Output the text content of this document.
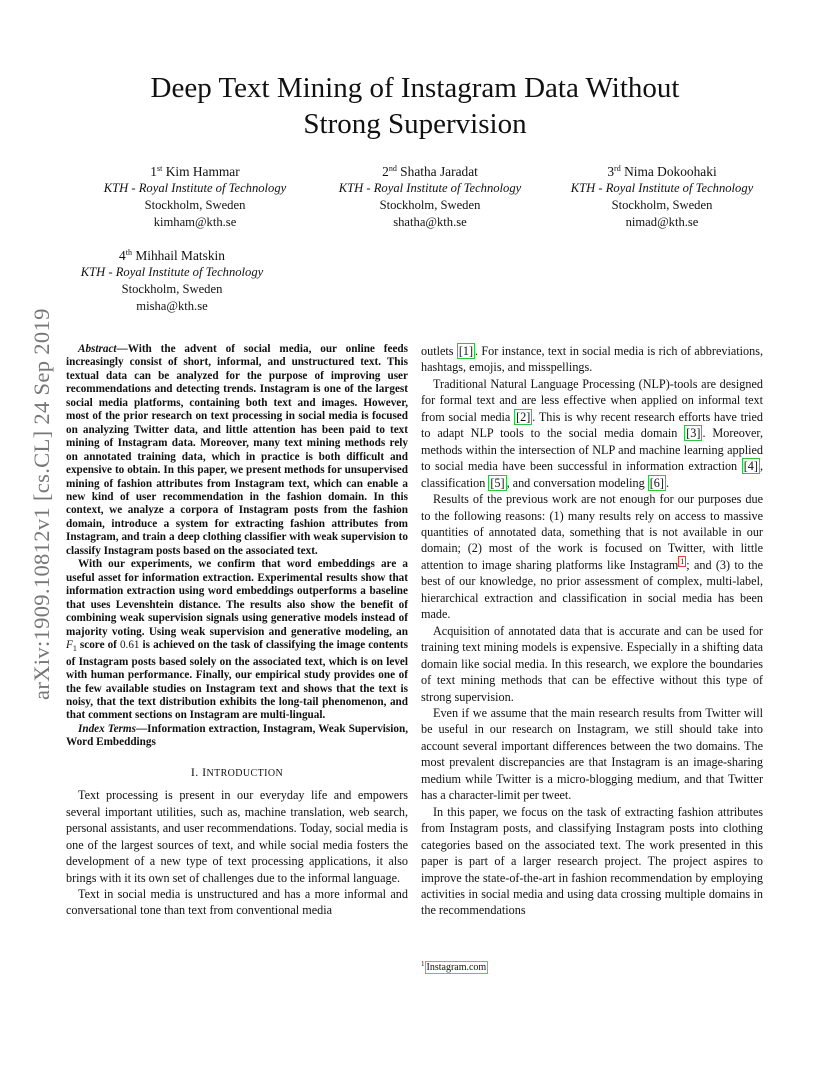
arXiv:1909.10812v1 [cs.CL] 24 Sep 2019
Deep Text Mining of Instagram Data Without
Strong Supervision
1st Kim Hammar
KTH - Royal Institute of Technology
Stockholm, Sweden
kimham@kth.se
2nd Shatha Jaradat
KTH - Royal Institute of Technology
Stockholm, Sweden
shatha@kth.se
3rd Nima Dokoohaki
KTH - Royal Institute of Technology
Stockholm, Sweden
nimad@kth.se
4th Mihhail Matskin
KTH - Royal Institute of Technology
Stockholm, Sweden
misha@kth.se

Abstract—With the advent of social media, our online feeds increasingly consist of short, informal, and unstructured text. This textual data can be analyzed for the purpose of improving user recommendations and detecting trends. Instagram is one of the largest social media platforms, containing both text and images. However, most of the prior research on text processing in social media is focused on analyzing Twitter data, and little attention has been paid to text mining of Instagram data. Moreover, many text mining methods rely on annotated training data, which in practice is both difficult and expensive to obtain. In this paper, we present methods for unsupervised mining of fashion attributes from Instagram text, which can enable a new kind of user recommendation in the fashion domain. In this context, we analyze a corpora of Instagram posts from the fashion domain, introduce a system for extracting fashion attributes from Instagram, and train a deep clothing classifier with weak supervision to classify Instagram posts based on the associated text.

With our experiments, we confirm that word embeddings are a useful asset for information extraction. Experimental results show that information extraction using word embeddings outperforms a baseline that uses Levenshtein distance. The results also show the benefit of combining weak supervision signals using generative models instead of majority voting. Using weak supervision and generative modeling, an $F_1$ score of 0.61 is achieved on the task of classifying the image contents of Instagram posts based solely on the associated text, which is on level with human performance. Finally, our empirical study provides one of the few available studies on Instagram text and shows that the text is noisy, that the text distribution exhibits the long-tail phenomenon, and that comment sections on Instagram are multi-lingual.

Index Terms—Information extraction, Instagram, Weak Supervision, Word Embeddings

I. INTRODUCTION

Text processing is present in our everyday life and empowers several important utilities, such as, machine translation, web search, personal assistants, and user recommendations. Today, social media is one of the largest sources of text, and while social media fosters the development of a new type of text processing applications, it also brings with it its own set of challenges due to the informal language.

Text in social media is unstructured and has a more informal and conversational tone than text from conventional media

outlets [1] . For instance, text in social media is rich of abbreviations, hashtags, emojis, and misspellings.

Traditional Natural Language Processing (NLP)-tools are designed for formal text and are less effective when applied on informal text from social media [2] . This is why recent research efforts have tried to adapt NLP tools to the social media domain [3] . Moreover, methods within the intersection of NLP and machine learning applied to social media have been successful in information extraction [4] , classification [5] , and conversation modeling [6] .

Results of the previous work are not enough for our purposes due to the following reasons: (1) many results rely on access to massive quantities of annotated data, something that is not available in our domain; (2) most of the work is focused on Twitter, with little attention to image sharing platforms like Instagram $^1$ ; and (3) to the best of our knowledge, no prior assessment of complex, multi-label, hierarchical extraction and classification in social media has been made.

Acquisition of annotated data that is accurate and can be used for training text mining models is expensive. Especially in a shifting data domain like social media. In this research, we explore the boundaries of text mining methods that can be effective without this type of strong supervision.

Even if we assume that the main research results from Twitter will be useful in our research on Instagram, we still should take into account several important differences between the two domains. The most prevalent discrepancies are that Instagram is an image-sharing medium while Twitter is a micro-blogging medium, and that Twitter has a character-limit per tweet.

In this paper, we focus on the task of extracting fashion attributes from Instagram posts, and classifying Instagram posts into clothing categories based on the associated text. The work presented in this paper is part of a larger research project. The project aspires to improve the state-of-the-art in fashion recommendation by employing activities in social media and using data crossing multiple domains in the recommendations

$^1$ Instagram.com
